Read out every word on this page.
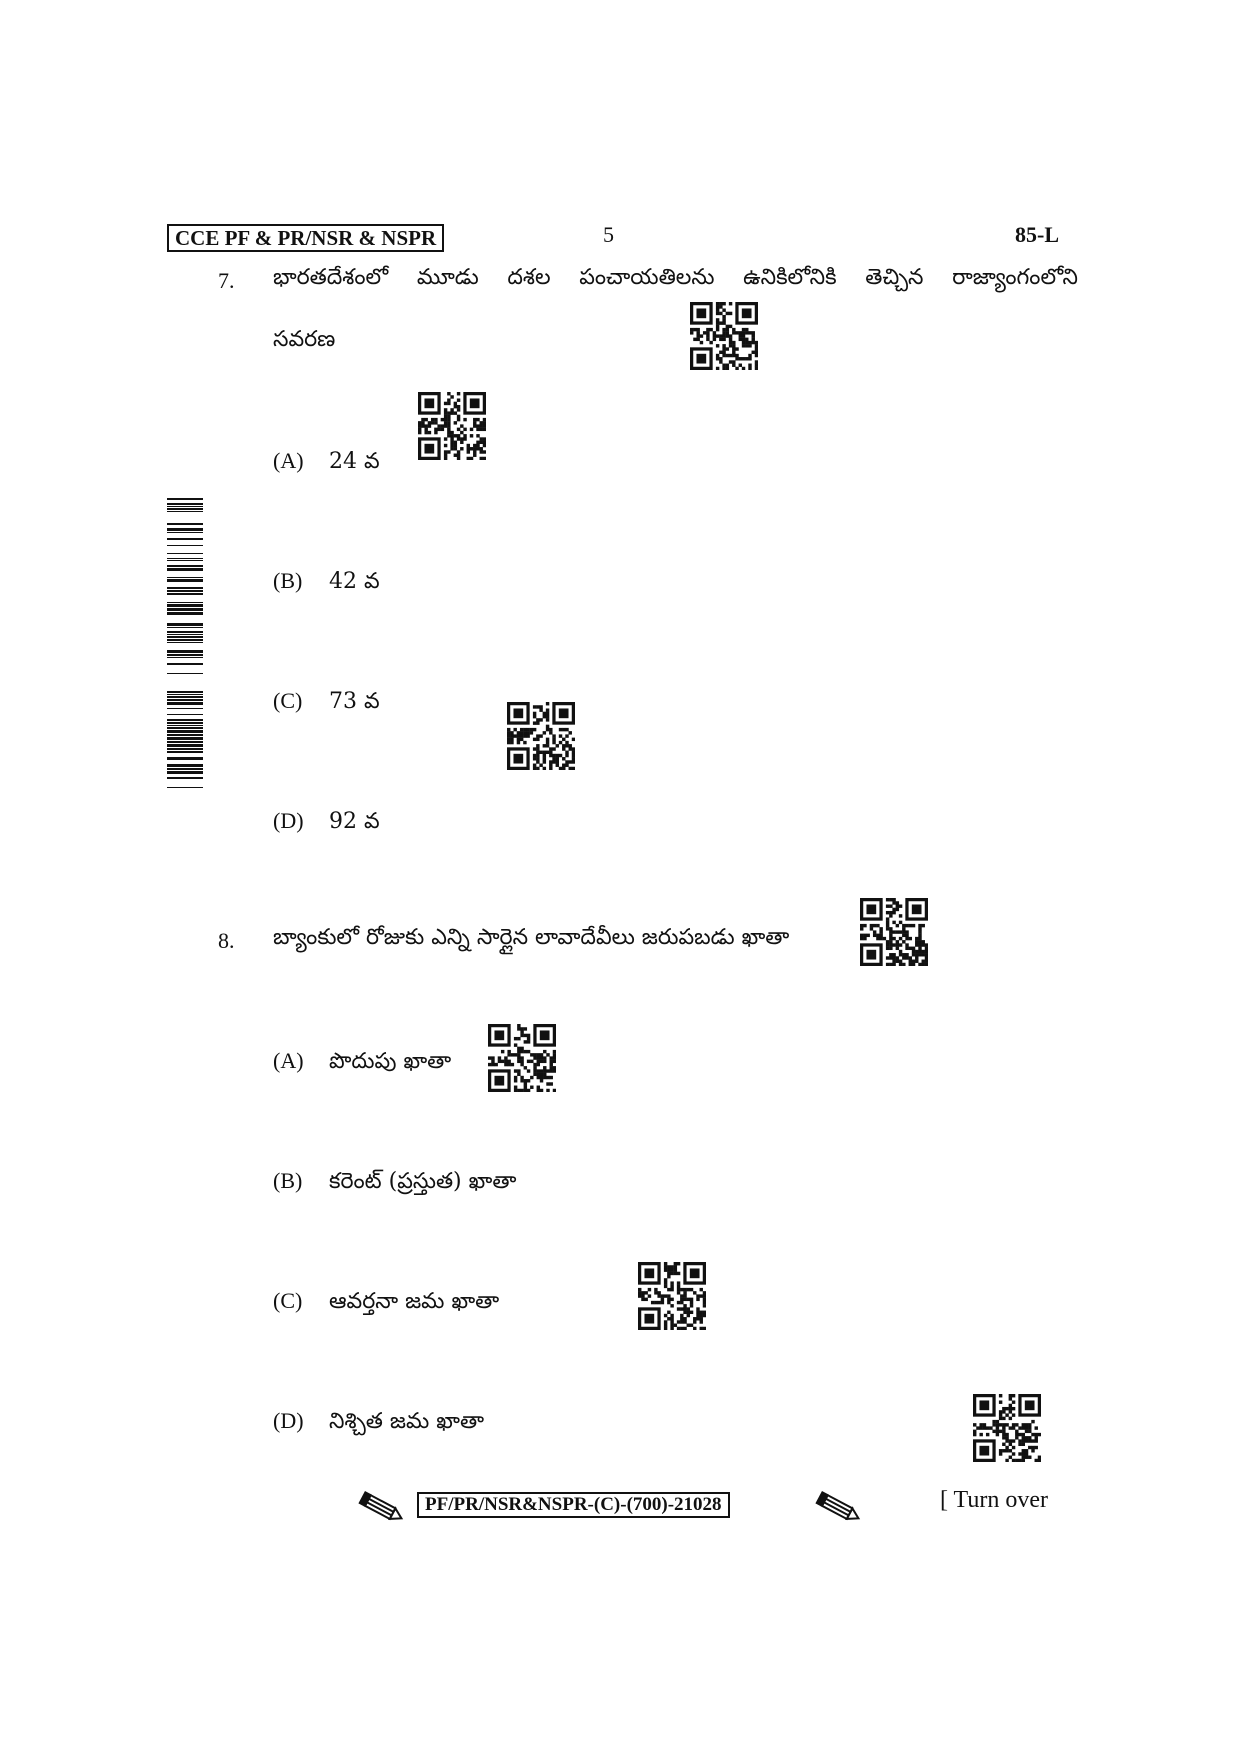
CCE PF & PR/NSR & NSPR	5	85-L
7. భారతదేశంలో మూడు దశల పంచాయతిలను ఉనికిలోనికి తెచ్చిన రాజ్యాంగంలోని
సవరణ
(A) 24 వ
(B) 42 వ
(C) 73 వ
(D) 92 వ
8. బ్యాంకులో రోజుకు ఎన్ని సార్లైన లావాదేవీలు జరుపబడు ఖాతా
(A) పొదుపు ఖాతా
(B) కరెంట్ (ప్రస్తుత) ఖాతా
(C) ఆవర్తనా జమ ఖాతా
(D) నిశ్చిత జమ ఖాతా
PF/PR/NSR&NSPR-(C)-(700)-21028	[ Turn over
